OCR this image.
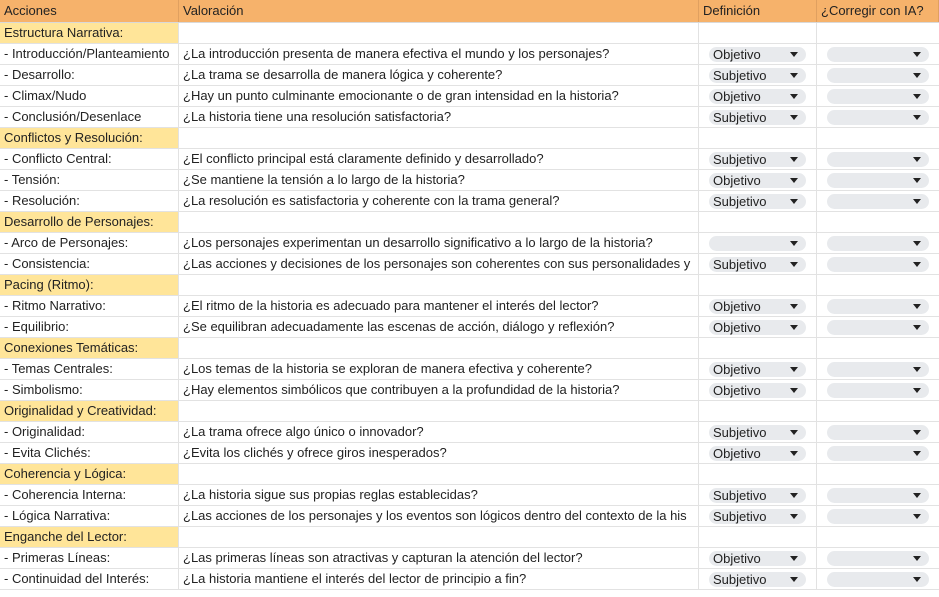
Acciones	Valoración	Definición	¿Corregir con IA?
Estructura Narrativa:
- Introducción/Planteamiento	¿La introducción presenta de manera efectiva el mundo y los personajes?	Objetivo
- Desarrollo:	¿La trama se desarrolla de manera lógica y coherente?	Subjetivo
- Climax/Nudo	¿Hay un punto culminante emocionante o de gran intensidad en la historia?	Objetivo
- Conclusión/Desenlace	¿La historia tiene una resolución satisfactoria?	Subjetivo
Conflictos y Resolución:
- Conflicto Central:	¿El conflicto principal está claramente definido y desarrollado?	Subjetivo
- Tensión:	¿Se mantiene la tensión a lo largo de la historia?	Objetivo
- Resolución:	¿La resolución es satisfactoria y coherente con la trama general?	Subjetivo
Desarrollo de Personajes:
- Arco de Personajes:	¿Los personajes experimentan un desarrollo significativo a lo largo de la historia?
- Consistencia:	¿Las acciones y decisiones de los personajes son coherentes con sus personalidades y	Subjetivo
Pacing (Ritmo):
- Ritmo Narrativo:	¿El ritmo de la historia es adecuado para mantener el interés del lector?	Objetivo
- Equilibrio:	¿Se equilibran adecuadamente las escenas de acción, diálogo y reflexión?	Objetivo
Conexiones Temáticas:
- Temas Centrales:	¿Los temas de la historia se exploran de manera efectiva y coherente?	Objetivo
- Simbolismo:	¿Hay elementos simbólicos que contribuyen a la profundidad de la historia?	Objetivo
Originalidad y Creatividad:
- Originalidad:	¿La trama ofrece algo único o innovador?	Subjetivo
- Evita Clichés:	¿Evita los clichés y ofrece giros inesperados?	Objetivo
Coherencia y Lógica:
- Coherencia Interna:	¿La historia sigue sus propias reglas establecidas?	Subjetivo
- Lógica Narrativa:	¿Las acciones de los personajes y los eventos son lógicos dentro del contexto de la his	Subjetivo
Enganche del Lector:
- Primeras Líneas:	¿Las primeras líneas son atractivas y capturan la atención del lector?	Objetivo
- Continuidad del Interés:	¿La historia mantiene el interés del lector de principio a fin?	Subjetivo
